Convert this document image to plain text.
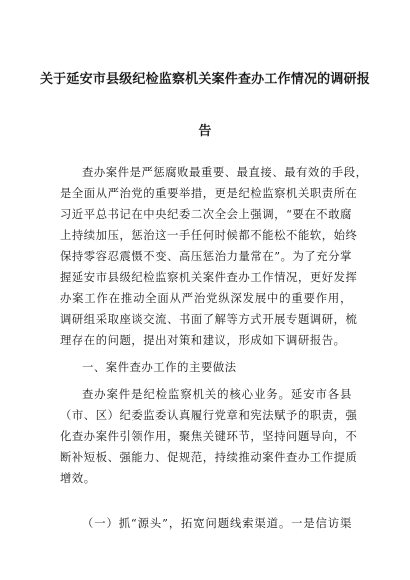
关于延安市县级纪检监察机关案件查办工作情况的调研报
告
查办案件是严惩腐败最重要、最直接、最有效的手段，
是全面从严治党的重要举措，更是纪检监察机关职责所在
习近平总书记在中央纪委二次全会上强调，“要在不敢腐
上持续加压，惩治这一手任何时候都不能松不能软，始终
保持零容忍震慑不变、高压惩治力量常在”。为了充分掌
握延安市县级纪检监察机关案件查办工作情况，更好发挥
办案工作在推动全面从严治党纵深发展中的重要作用，
调研组采取座谈交流、书面了解等方式开展专题调研，梳
理存在的问题，提出对策和建议，形成如下调研报告。
一、案件查办工作的主要做法
查办案件是纪检监察机关的核心业务。延安市各县
（市、区）纪委监委认真履行党章和宪法赋予的职责，强
化查办案件引领作用，聚焦关键环节，坚持问题导向，不
断补短板、强能力、促规范，持续推动案件查办工作提质
增效。
（一）抓“源头”，拓宽问题线索渠道。一是信访渠
